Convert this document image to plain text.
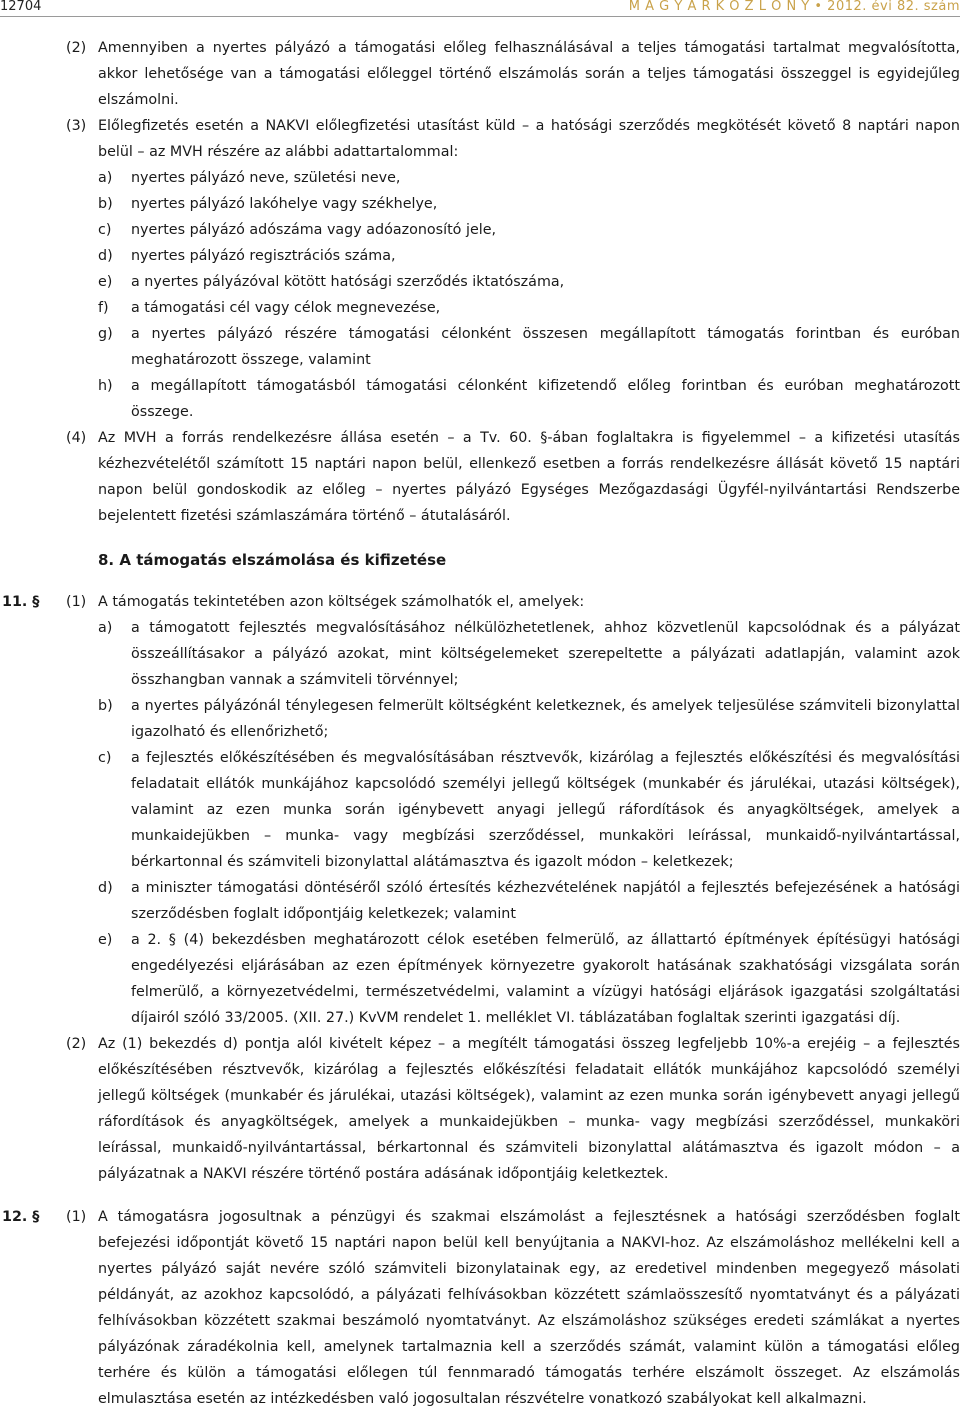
12704	M A G Y A R K Ö Z L Ö N Y • 2012. évi 82. szám
(2) Amennyiben a nyertes pályázó a támogatási előleg felhasználásával a teljes támogatási tartalmat megvalósította, akkor lehetősége van a támogatási előleggel történő elszámolás során a teljes támogatási összeggel is egyidejűleg elszámolni.
(3) Előlegfizetés esetén a NAKVI előlegfizetési utasítást küld – a hatósági szerződés megkötését követő 8 naptári napon belül – az MVH részére az alábbi adattartalommal:
a) nyertes pályázó neve, születési neve,
b) nyertes pályázó lakóhelye vagy székhelye,
c) nyertes pályázó adószáma vagy adóazonosító jele,
d) nyertes pályázó regisztrációs száma,
e) a nyertes pályázóval kötött hatósági szerződés iktatószáma,
f) a támogatási cél vagy célok megnevezése,
g) a nyertes pályázó részére támogatási célonként összesen megállapított támogatás forintban és euróban meghatározott összege, valamint
h) a megállapított támogatásból támogatási célonként kifizetendő előleg forintban és euróban meghatározott összege.
(4) Az MVH a forrás rendelkezésre állása esetén – a Tv. 60. §-ában foglaltakra is figyelemmel – a kifizetési utasítás kézhezvételétől számított 15 naptári napon belül, ellenkező esetben a forrás rendelkezésre állását követő 15 naptári napon belül gondoskodik az előleg – nyertes pályázó Egységes Mezőgazdasági Ügyfél-nyilvántartási Rendszerbe bejelentett fizetési számlaszámára történő – átutalásáról.
8. A támogatás elszámolása és kifizetése
11. § (1) A támogatás tekintetében azon költségek számolhatók el, amelyek:
a) a támogatott fejlesztés megvalósításához nélkülözhetetlenek, ahhoz közvetlenül kapcsolódnak és a pályázat összeállításakor a pályázó azokat, mint költségelemeket szerepeltette a pályázati adatlapján, valamint azok összhangban vannak a számviteli törvénnyel;
b) a nyertes pályázónál ténylegesen felmerült költségként keletkeznek, és amelyek teljesülése számviteli bizonylattal igazolható és ellenőrizhető;
c) a fejlesztés előkészítésében és megvalósításában résztvevők, kizárólag a fejlesztés előkészítési és megvalósítási feladatait ellátók munkájához kapcsolódó személyi jellegű költségek (munkabér és járulékai, utazási költségek), valamint az ezen munka során igénybevett anyagi jellegű ráfordítások és anyagköltségek, amelyek a munkaidejükben – munka- vagy megbízási szerződéssel, munkaköri leírással, munkaidő-nyilvántartással, bérkartonnal és számviteli bizonylattal alátámasztva és igazolt módon – keletkezek;
d) a miniszter támogatási döntéséről szóló értesítés kézhezvételének napjától a fejlesztés befejezésének a hatósági szerződésben foglalt időpontjáig keletkezek; valamint
e) a 2. § (4) bekezdésben meghatározott célok esetében felmerülő, az állattartó építmények építésügyi hatósági engedélyezési eljárásában az ezen építmények környezetre gyakorolt hatásának szakhatósági vizsgálata során felmerülő, a környezetvédelmi, természetvédelmi, valamint a vízügyi hatósági eljárások igazgatási szolgáltatási díjairól szóló 33/2005. (XII. 27.) KvVM rendelet 1. melléklet VI. táblázatában foglaltak szerinti igazgatási díj.
(2) Az (1) bekezdés d) pontja alól kivételt képez – a megítélt támogatási összeg legfeljebb 10%-a erejéig – a fejlesztés előkészítésében résztvevők, kizárólag a fejlesztés előkészítési feladatait ellátók munkájához kapcsolódó személyi jellegű költségek (munkabér és járulékai, utazási költségek), valamint az ezen munka során igénybevett anyagi jellegű ráfordítások és anyagköltségek, amelyek a munkaidejükben – munka- vagy megbízási szerződéssel, munkaköri leírással, munkaidő-nyilvántartással, bérkartonnal és számviteli bizonylattal alátámasztva és igazolt módon – a pályázatnak a NAKVI részére történő postára adásának időpontjáig keletkeztek.
12. § (1) A támogatásra jogosultnak a pénzügyi és szakmai elszámolást a fejlesztésnek a hatósági szerződésben foglalt befejezési időpontját követő 15 naptári napon belül kell benyújtania a NAKVI-hoz. Az elszámoláshoz mellékelni kell a nyertes pályázó saját nevére szóló számviteli bizonylatainak egy, az eredetivel mindenben megegyező másolati példányát, az azokhoz kapcsolódó, a pályázati felhívásokban közzétett számlaösszesítő nyomtatványt és a pályázati felhívásokban közzétett szakmai beszámoló nyomtatványt. Az elszámoláshoz szükséges eredeti számlákat a nyertes pályázónak záradékolnia kell, amelynek tartalmaznia kell a szerződés számát, valamint külön a támogatási előleg terhére és külön a támogatási előlegen túl fennmaradó támogatás terhére elszámolt összeget. Az elszámolás elmulasztása esetén az intézkedésben való jogosultalan részvételre vonatkozó szabályokat kell alkalmazni.
